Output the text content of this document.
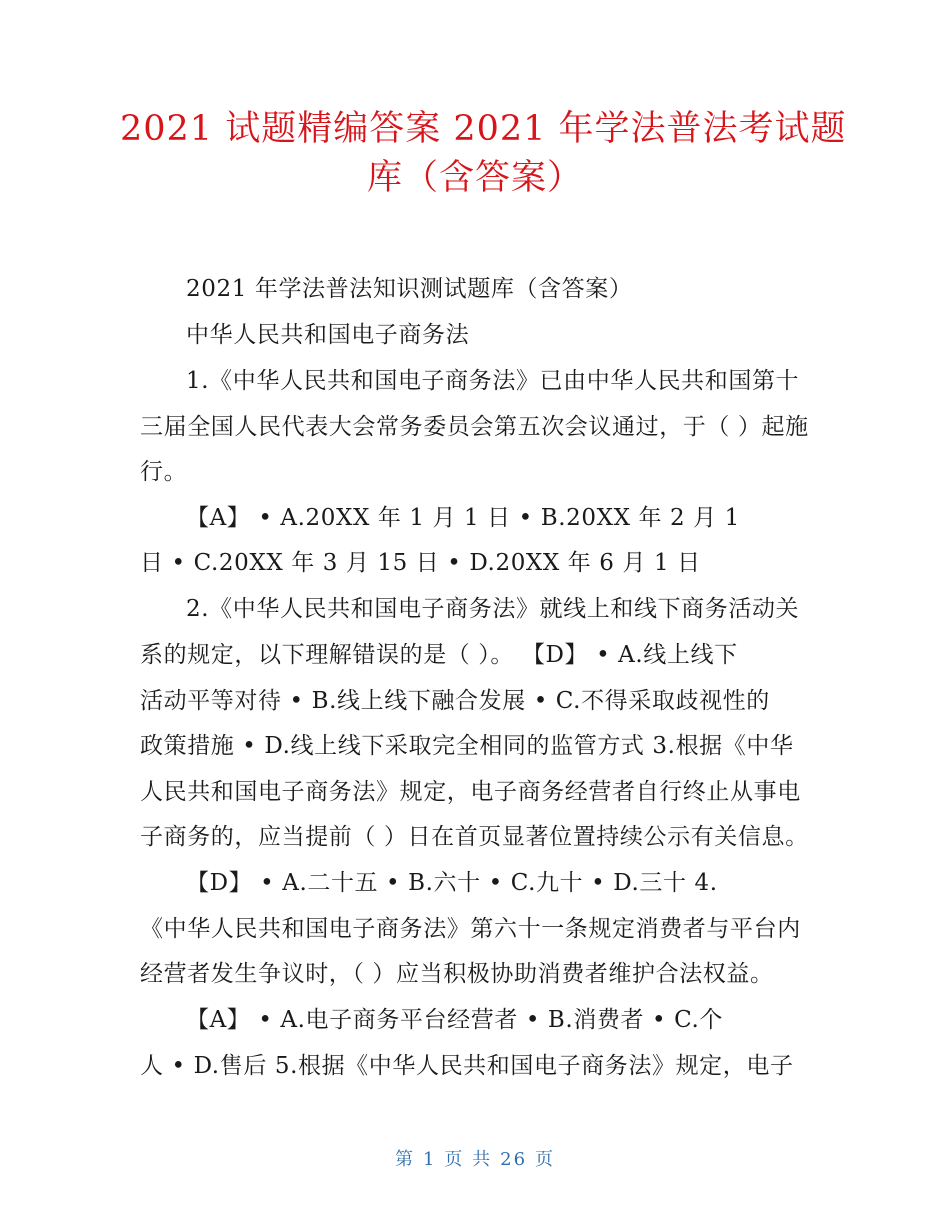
2021 试题精编答案 2021 年学法普法考试题
库（含答案）
2021 年学法普法知识测试题库（含答案）
中华人民共和国电子商务法
1.《中华人民共和国电子商务法》已由中华人民共和国第十
三届全国人民代表大会常务委员会第五次会议通过，于（ ）起施
行。
【A】 • A.20XX 年 1 月 1 日 • B.20XX 年 2 月 1
日 • C.20XX 年 3 月 15 日 • D.20XX 年 6 月 1 日
2.《中华人民共和国电子商务法》就线上和线下商务活动关
系的规定，以下理解错误的是（ ）。 【D】 • A.线上线下
活动平等对待 • B.线上线下融合发展 • C.不得采取歧视性的
政策措施 • D.线上线下采取完全相同的监管方式 3.根据《中华
人民共和国电子商务法》规定，电子商务经营者自行终止从事电
子商务的，应当提前（ ）日在首页显著位置持续公示有关信息。
【D】 • A.二十五 • B.六十 • C.九十 • D.三十 4.
《中华人民共和国电子商务法》第六十一条规定消费者与平台内
经营者发生争议时，（ ）应当积极协助消费者维护合法权益。
【A】 • A.电子商务平台经营者 • B.消费者 • C.个
人 • D.售后 5.根据《中华人民共和国电子商务法》规定，电子
第 1 页 共 26 页
